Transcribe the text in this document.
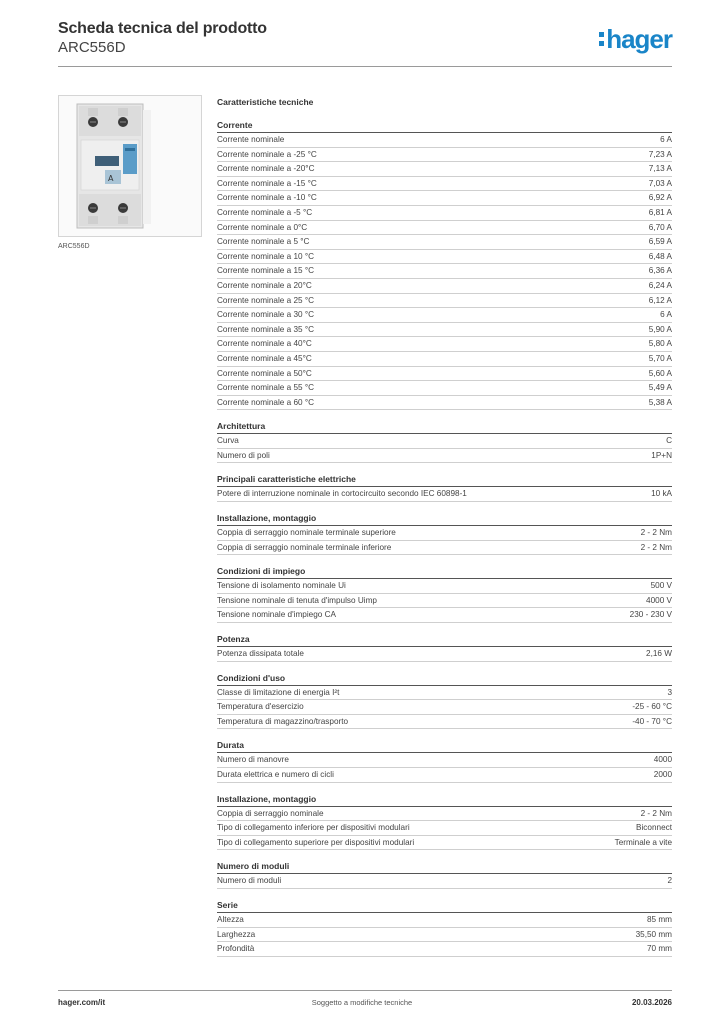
Scheda tecnica del prodotto
ARC556D	hager
A
ARC556D
Caratteristiche tecniche
Corrente
Corrente nominale	6 A
Corrente nominale a -25 °C	7,23 A
Corrente nominale a -20°C	7,13 A
Corrente nominale a -15 °C	7,03 A
Corrente nominale a -10 °C	6,92 A
Corrente nominale a -5 °C	6,81 A
Corrente nominale a 0°C	6,70 A
Corrente nominale a 5 °C	6,59 A
Corrente nominale a 10 °C	6,48 A
Corrente nominale a 15 °C	6,36 A
Corrente nominale a 20°C	6,24 A
Corrente nominale a 25 °C	6,12 A
Corrente nominale a 30 °C	6 A
Corrente nominale a 35 °C	5,90 A
Corrente nominale a 40°C	5,80 A
Corrente nominale a 45°C	5,70 A
Corrente nominale a 50°C	5,60 A
Corrente nominale a 55 °C	5,49 A
Corrente nominale a 60 °C	5,38 A
Architettura
Curva	C
Numero di poli	1P+N
Principali caratteristiche elettriche
Potere di interruzione nominale in cortocircuito secondo IEC 60898-1	10 kA
Installazione, montaggio
Coppia di serraggio nominale terminale superiore	2 - 2 Nm
Coppia di serraggio nominale terminale inferiore	2 - 2 Nm
Condizioni di impiego
Tensione di isolamento nominale Ui	500 V
Tensione nominale di tenuta d'impulso Uimp	4000 V
Tensione nominale d'impiego CA	230 - 230 V
Potenza
Potenza dissipata totale	2,16 W
Condizioni d'uso
Classe di limitazione di energia I²t	3
Temperatura d'esercizio	-25 - 60 °C
Temperatura di magazzino/trasporto	-40 - 70 °C
Durata
Numero di manovre	4000
Durata elettrica e numero di cicli	2000
Installazione, montaggio
Coppia di serraggio nominale	2 - 2 Nm
Tipo di collegamento inferiore per dispositivi modulari	Biconnect
Tipo di collegamento superiore per dispositivi modulari	Terminale a vite
Numero di moduli
Numero di moduli	2
Serie
Altezza	85 mm
Larghezza	35,50 mm
Profondità	70 mm
hager.com/it	Soggetto a modifiche tecniche	20.03.2026
